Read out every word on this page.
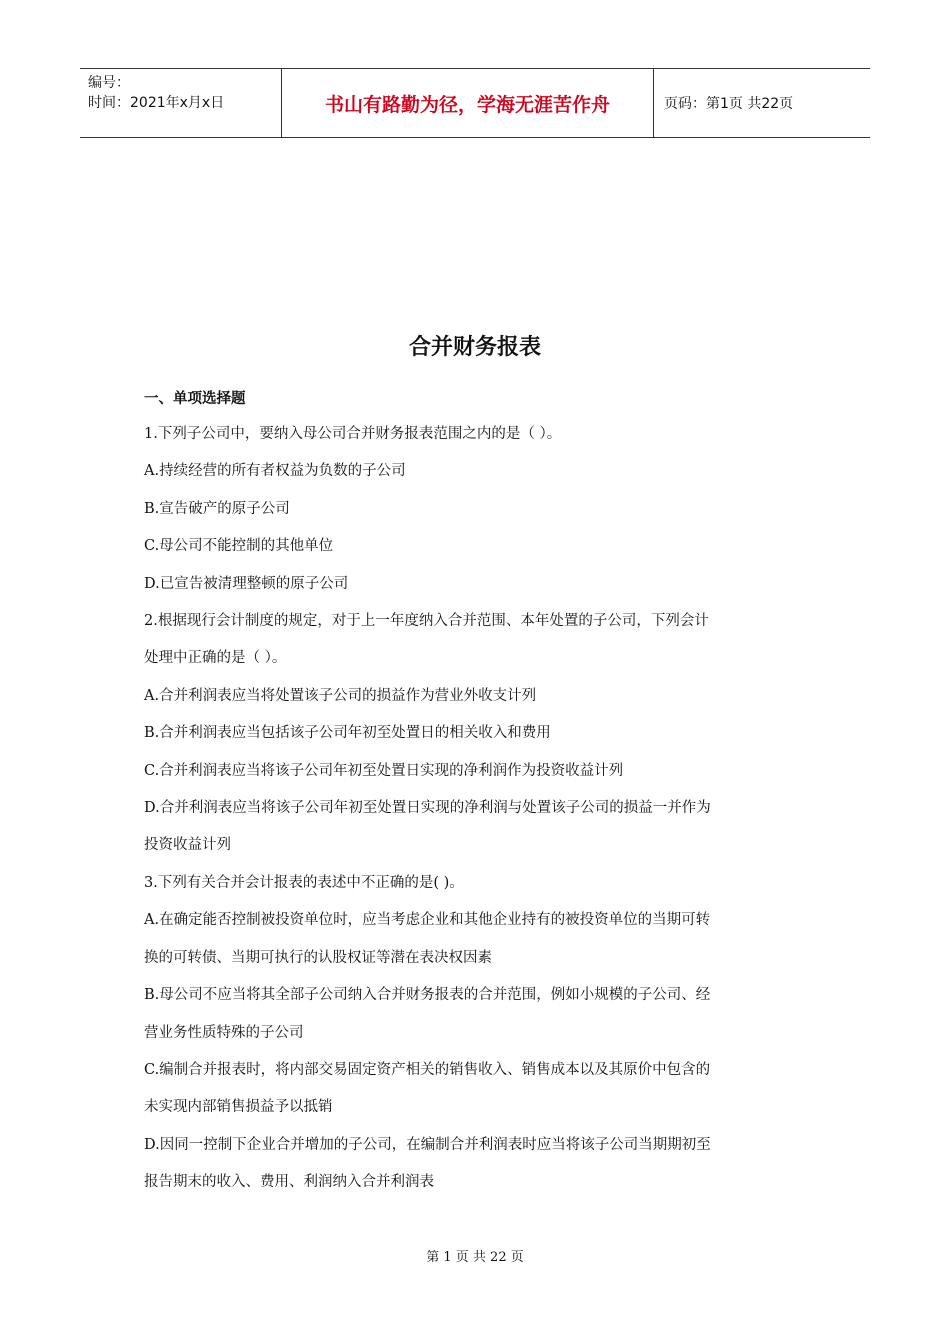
编号：
时间：2021年x月x日	书山有路勤为径，学海无涯苦作舟	页码：第1页 共22页
合并财务报表
一、单项选择题
1.下列子公司中，要纳入母公司合并财务报表范围之内的是（ ）。
A.持续经营的所有者权益为负数的子公司
B.宣告破产的原子公司
C.母公司不能控制的其他单位
D.已宣告被清理整顿的原子公司
2.根据现行会计制度的规定，对于上一年度纳入合并范围、本年处置的子公司，下列会计
处理中正确的是（ ）。
A.合并利润表应当将处置该子公司的损益作为营业外收支计列
B.合并利润表应当包括该子公司年初至处置日的相关收入和费用
C.合并利润表应当将该子公司年初至处置日实现的净利润作为投资收益计列
D.合并利润表应当将该子公司年初至处置日实现的净利润与处置该子公司的损益一并作为
投资收益计列
3.下列有关合并会计报表的表述中不正确的是( )。
A.在确定能否控制被投资单位时，应当考虑企业和其他企业持有的被投资单位的当期可转
换的可转债、当期可执行的认股权证等潜在表决权因素
B.母公司不应当将其全部子公司纳入合并财务报表的合并范围，例如小规模的子公司、经
营业务性质特殊的子公司
C.编制合并报表时，将内部交易固定资产相关的销售收入、销售成本以及其原价中包含的
未实现内部销售损益予以抵销
D.因同一控制下企业合并增加的子公司，在编制合并利润表时应当将该子公司当期期初至
报告期末的收入、费用、利润纳入合并利润表
第 1 页 共 22 页
